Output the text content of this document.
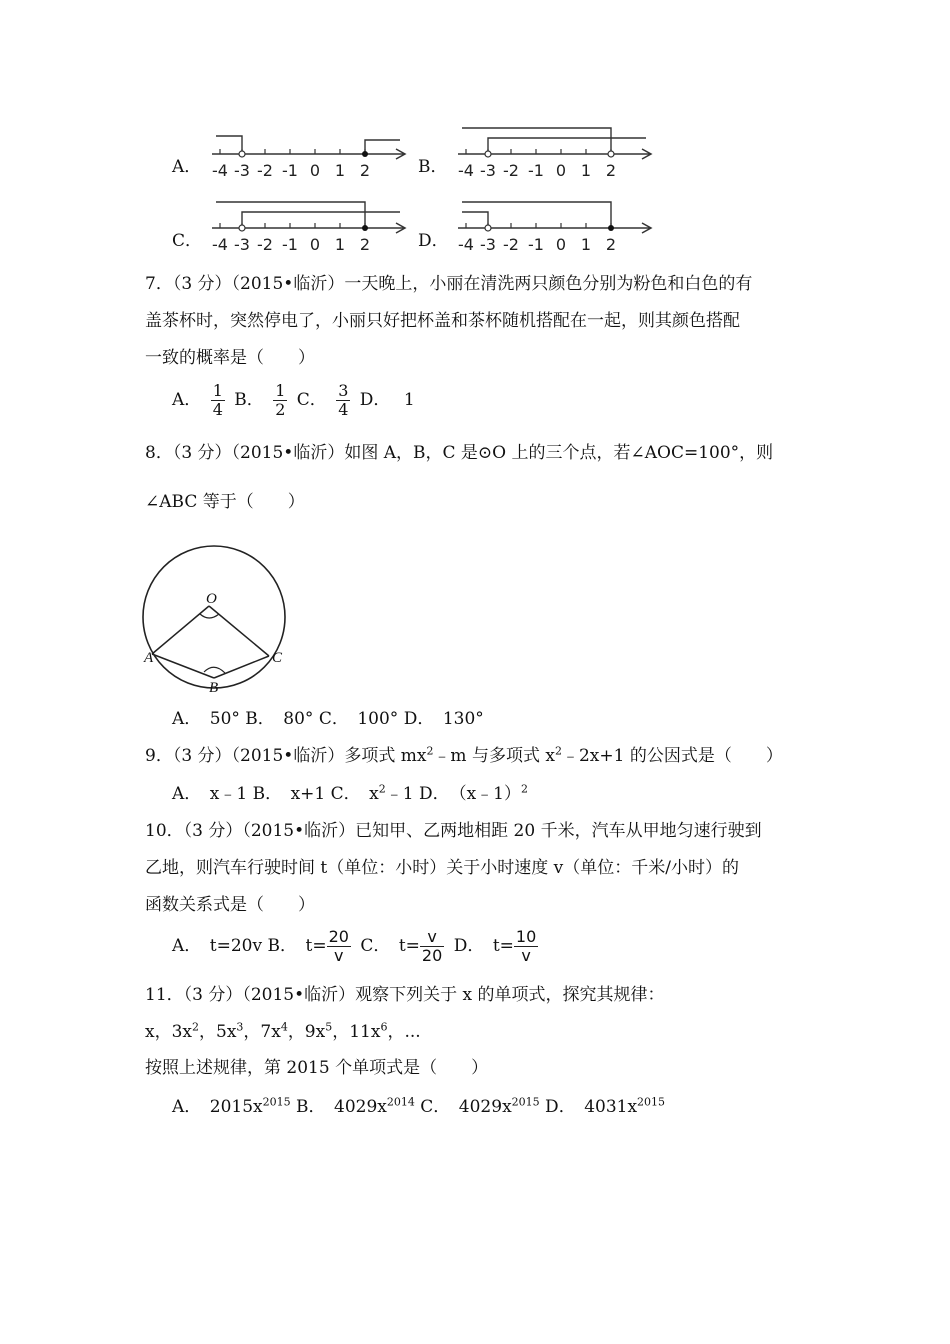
A． -4 -3 -2 -1 0 1 2	B． -4 -3 -2 -1 0 1 2
C． -4 -3 -2 -1 0 1 2	D． -4 -3 -2 -1 0 1 2
7．（3 分）（2015•临沂）一天晚上，小丽在清洗两只颜色分别为粉色和白色的有
盖茶杯时，突然停电了，小丽只好把杯盖和茶杯随机搭配在一起，则其颜色搭配
一致的概率是（　　）
A． $\frac{1}{4}$ B． $\frac{1}{2}$ C． $\frac{3}{4}$ D． 1
8．（3 分）（2015•临沂）如图 A，B，C 是⊙O 上的三个点，若∠AOC=100°，则
∠ABC 等于（　　）
O
A	C
B
A．　50° B．　80° C．　100° D．　130°
9．（3 分）（2015•临沂）多项式 $mx^2﹣m$ 与多项式 $x^2﹣2x+1$ 的公因式是（　　）
A．　x﹣1 B．　x+1 C．　$x^2﹣1$ D．　（x﹣1）$^2$
10．（3 分）（2015•临沂）已知甲、乙两地相距 20 千米，汽车从甲地匀速行驶到
乙地，则汽车行驶时间 t（单位：小时）关于小时速度 v（单位：千米/小时）的
函数关系式是（　　）
A．　t=20v B．　$t= \frac{20}{v}$ C．　$t= \frac{v}{20}$ D．　$t= \frac{10}{v}$
11．（3 分）（2015•临沂）观察下列关于 x 的单项式，探究其规律：
x，$3x^2$，$5x^3$，$7x^4$，$9x^5$，$11x^6$，...
按照上述规律，第 2015 个单项式是（　　）
A．　$2015x^{2015}$ B．　$4029x^{2014}$ C．　$4029x^{2015}$ D．　$4031x^{2015}$
